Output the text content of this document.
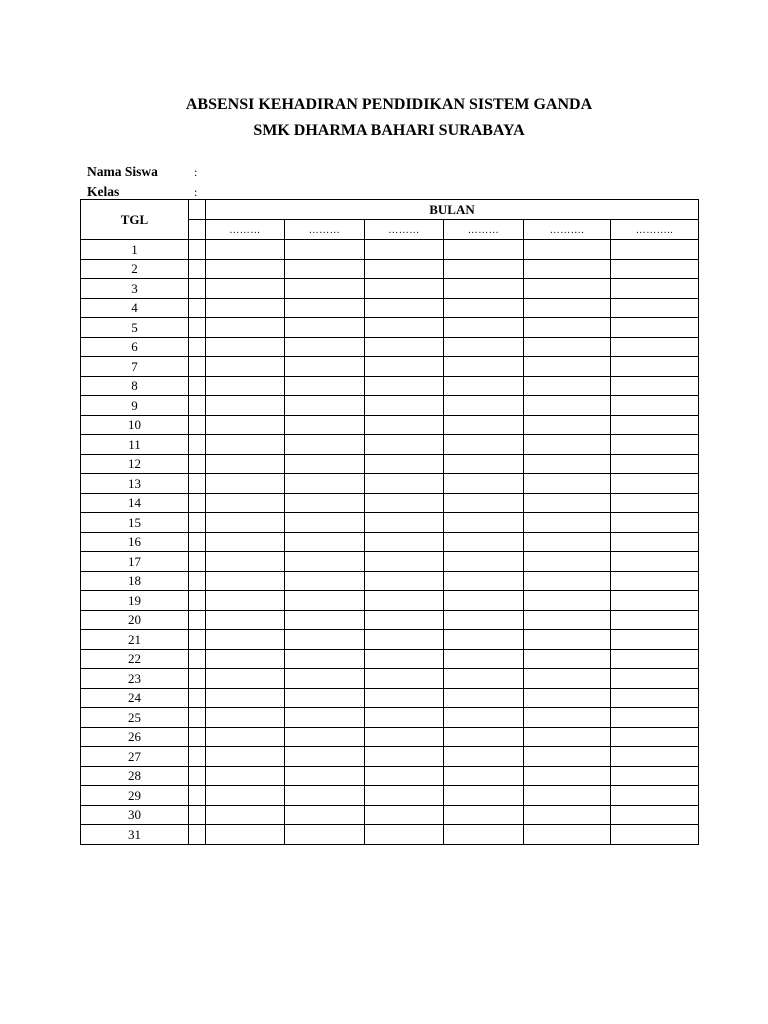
ABSENSI KEHADIRAN PENDIDIKAN SISTEM GANDA
SMK DHARMA BAHARI SURABAYA
Nama Siswa	:
Kelas	:
TGL		BULAN					
		………	………	………	………	……….	………..
1							
2							
3							
4							
5							
6							
7							
8							
9							
10							
11							
12							
13							
14							
15							
16							
17							
18							
19							
20							
21							
22							
23							
24							
25							
26							
27							
28							
29							
30							
31							
